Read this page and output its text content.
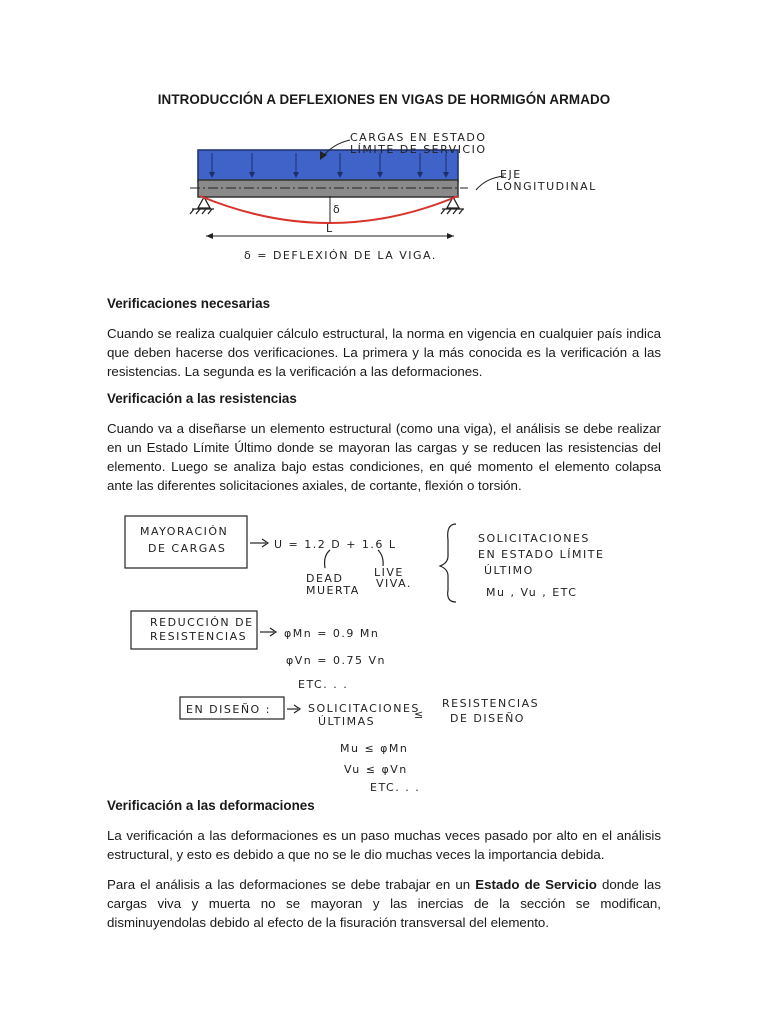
INTRODUCCIÓN A DEFLEXIONES EN VIGAS DE HORMIGÓN ARMADO
δ
L
δ = DEFLEXIÓN DE LA VIGA.
CARGAS EN ESTADO
LÍMITE DE SERVICIO
EJE
LONGITUDINAL
Verificaciones necesarias
Cuando se realiza cualquier cálculo estructural, la norma en vigencia en cualquier país indica que deben hacerse dos verificaciones. La primera y la más conocida es la verificación a las resistencias. La segunda es la verificación a las deformaciones.
Verificación a las resistencias
Cuando va a diseñarse un elemento estructural (como una viga), el análisis se debe realizar en un Estado Límite Último donde se mayoran las cargas y se reducen las resistencias del elemento. Luego se analiza bajo estas condiciones, en qué momento el elemento colapsa ante las diferentes solicitaciones axiales, de cortante, flexión o torsión.
MAYORACIÓN
DE CARGAS	U = 1.2 D + 1.6 L
DEAD
MUERTA
LIVE
VIVA.
SOLICITACIONES
EN ESTADO LÍMITE
ÚLTIMO
Mu , Vu , ETC
REDUCCIÓN DE
RESISTENCIAS	φMn = 0.9 Mn
φVn = 0.75 Vn
ETC. . .
EN DISEÑO :	SOLICITACIONES
ÚLTIMAS
≤
RESISTENCIAS
DE DISEÑO
Mu ≤ φMn
Vu ≤ φVn
ETC. . .
Verificación a las deformaciones
La verificación a las deformaciones es un paso muchas veces pasado por alto en el análisis estructural, y esto es debido a que no se le dio muchas veces la importancia debida.
Para el análisis a las deformaciones se debe trabajar en un Estado de Servicio donde las cargas viva y muerta no se mayoran y las inercias de la sección se modifican, disminuyendolas debido al efecto de la fisuración transversal del elemento.
